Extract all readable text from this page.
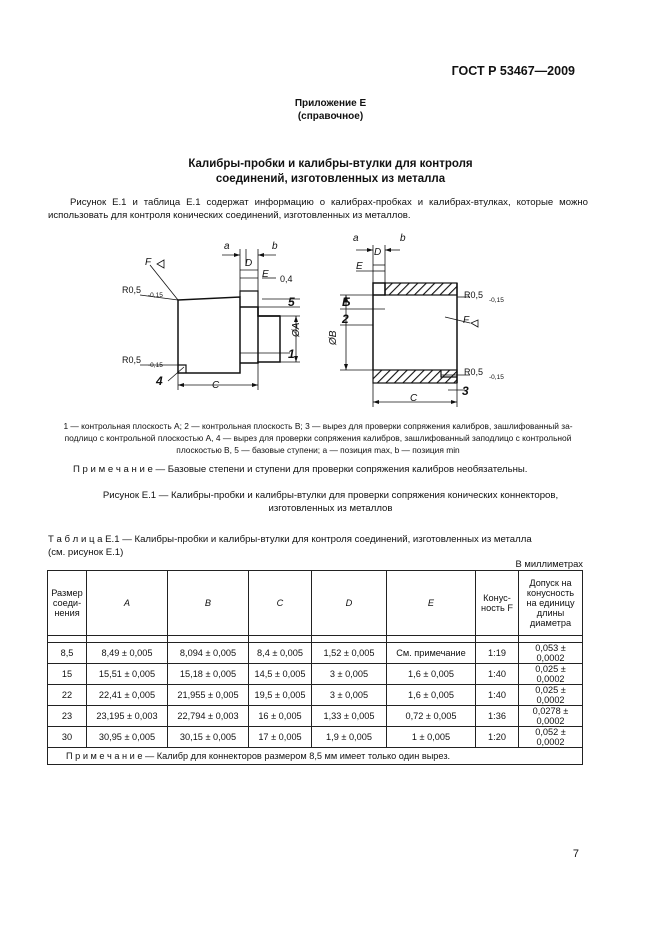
ГОСТ Р 53467—2009
Приложение Е
(справочное)
Калибры-пробки и калибры-втулки для контроля
соединений, изготовленных из металла
Рисунок Е.1 и таблица Е.1 содержат информацию о калибрах-пробках и калибрах-втулках, которые можно использовать для контроля конических соединений, изготовленных из металлов.
a	b
D
E
F
C
ØA
R0,5
-0,15
R0,5
-0,15
0,4
5
1
4
a	b
D
E
F
C
ØB
R0,5
-0,15
R0,5
-0,15
Б
2
3
1 — контрольная плоскость А; 2 — контрольная плоскость В; 3 — вырез для проверки сопряжения калибров, зашлифованный за-
подлицо с контрольной плоскостью А, 4 — вырез для проверки сопряжения калибров, зашлифованный заподлицо с контрольной
плоскостью В, 5 — базовые ступени; а — позиция max, b — позиция min
П р и м е ч а н и е — Базовые степени и ступени для проверки сопряжения калибров необязательны.
Рисунок Е.1 — Калибры-пробки и калибры-втулки для проверки сопряжения конических коннекторов,
изготовленных из металлов
Т а б л и ц а Е.1 — Калибры-пробки и калибры-втулки для контроля соединений, изготовленных из металла
(см. рисунок Е.1)
В миллиметрах
Размер соеди-нения	A	B	C	D	E	Конус-ность F	Допуск на конусность на единицу длины диаметра

8,5	8,49 ± 0,005	8,094 ± 0,005	8,4 ± 0,005	1,52 ± 0,005	См. примечание	1:19	0,053 ± 0,0002
15	15,51 ± 0,005	15,18 ± 0,005	14,5 ± 0,005	3 ± 0,005	1,6 ± 0,005	1:40	0,025 ± 0,0002
22	22,41 ± 0,005	21,955 ± 0,005	19,5 ± 0,005	3 ± 0,005	1,6 ± 0,005	1:40	0,025 ± 0,0002
23	23,195 ± 0,003	22,794 ± 0,003	16 ± 0,005	1,33 ± 0,005	0,72 ± 0,005	1:36	0,0278 ± 0,0002
30	30,95 ± 0,005	30,15 ± 0,005	17 ± 0,005	1,9 ± 0,005	1 ± 0,005	1:20	0,052 ± 0,0002
П р и м е ч а н и е — Калибр для коннекторов размером 8,5 мм имеет только один вырез.							
7
